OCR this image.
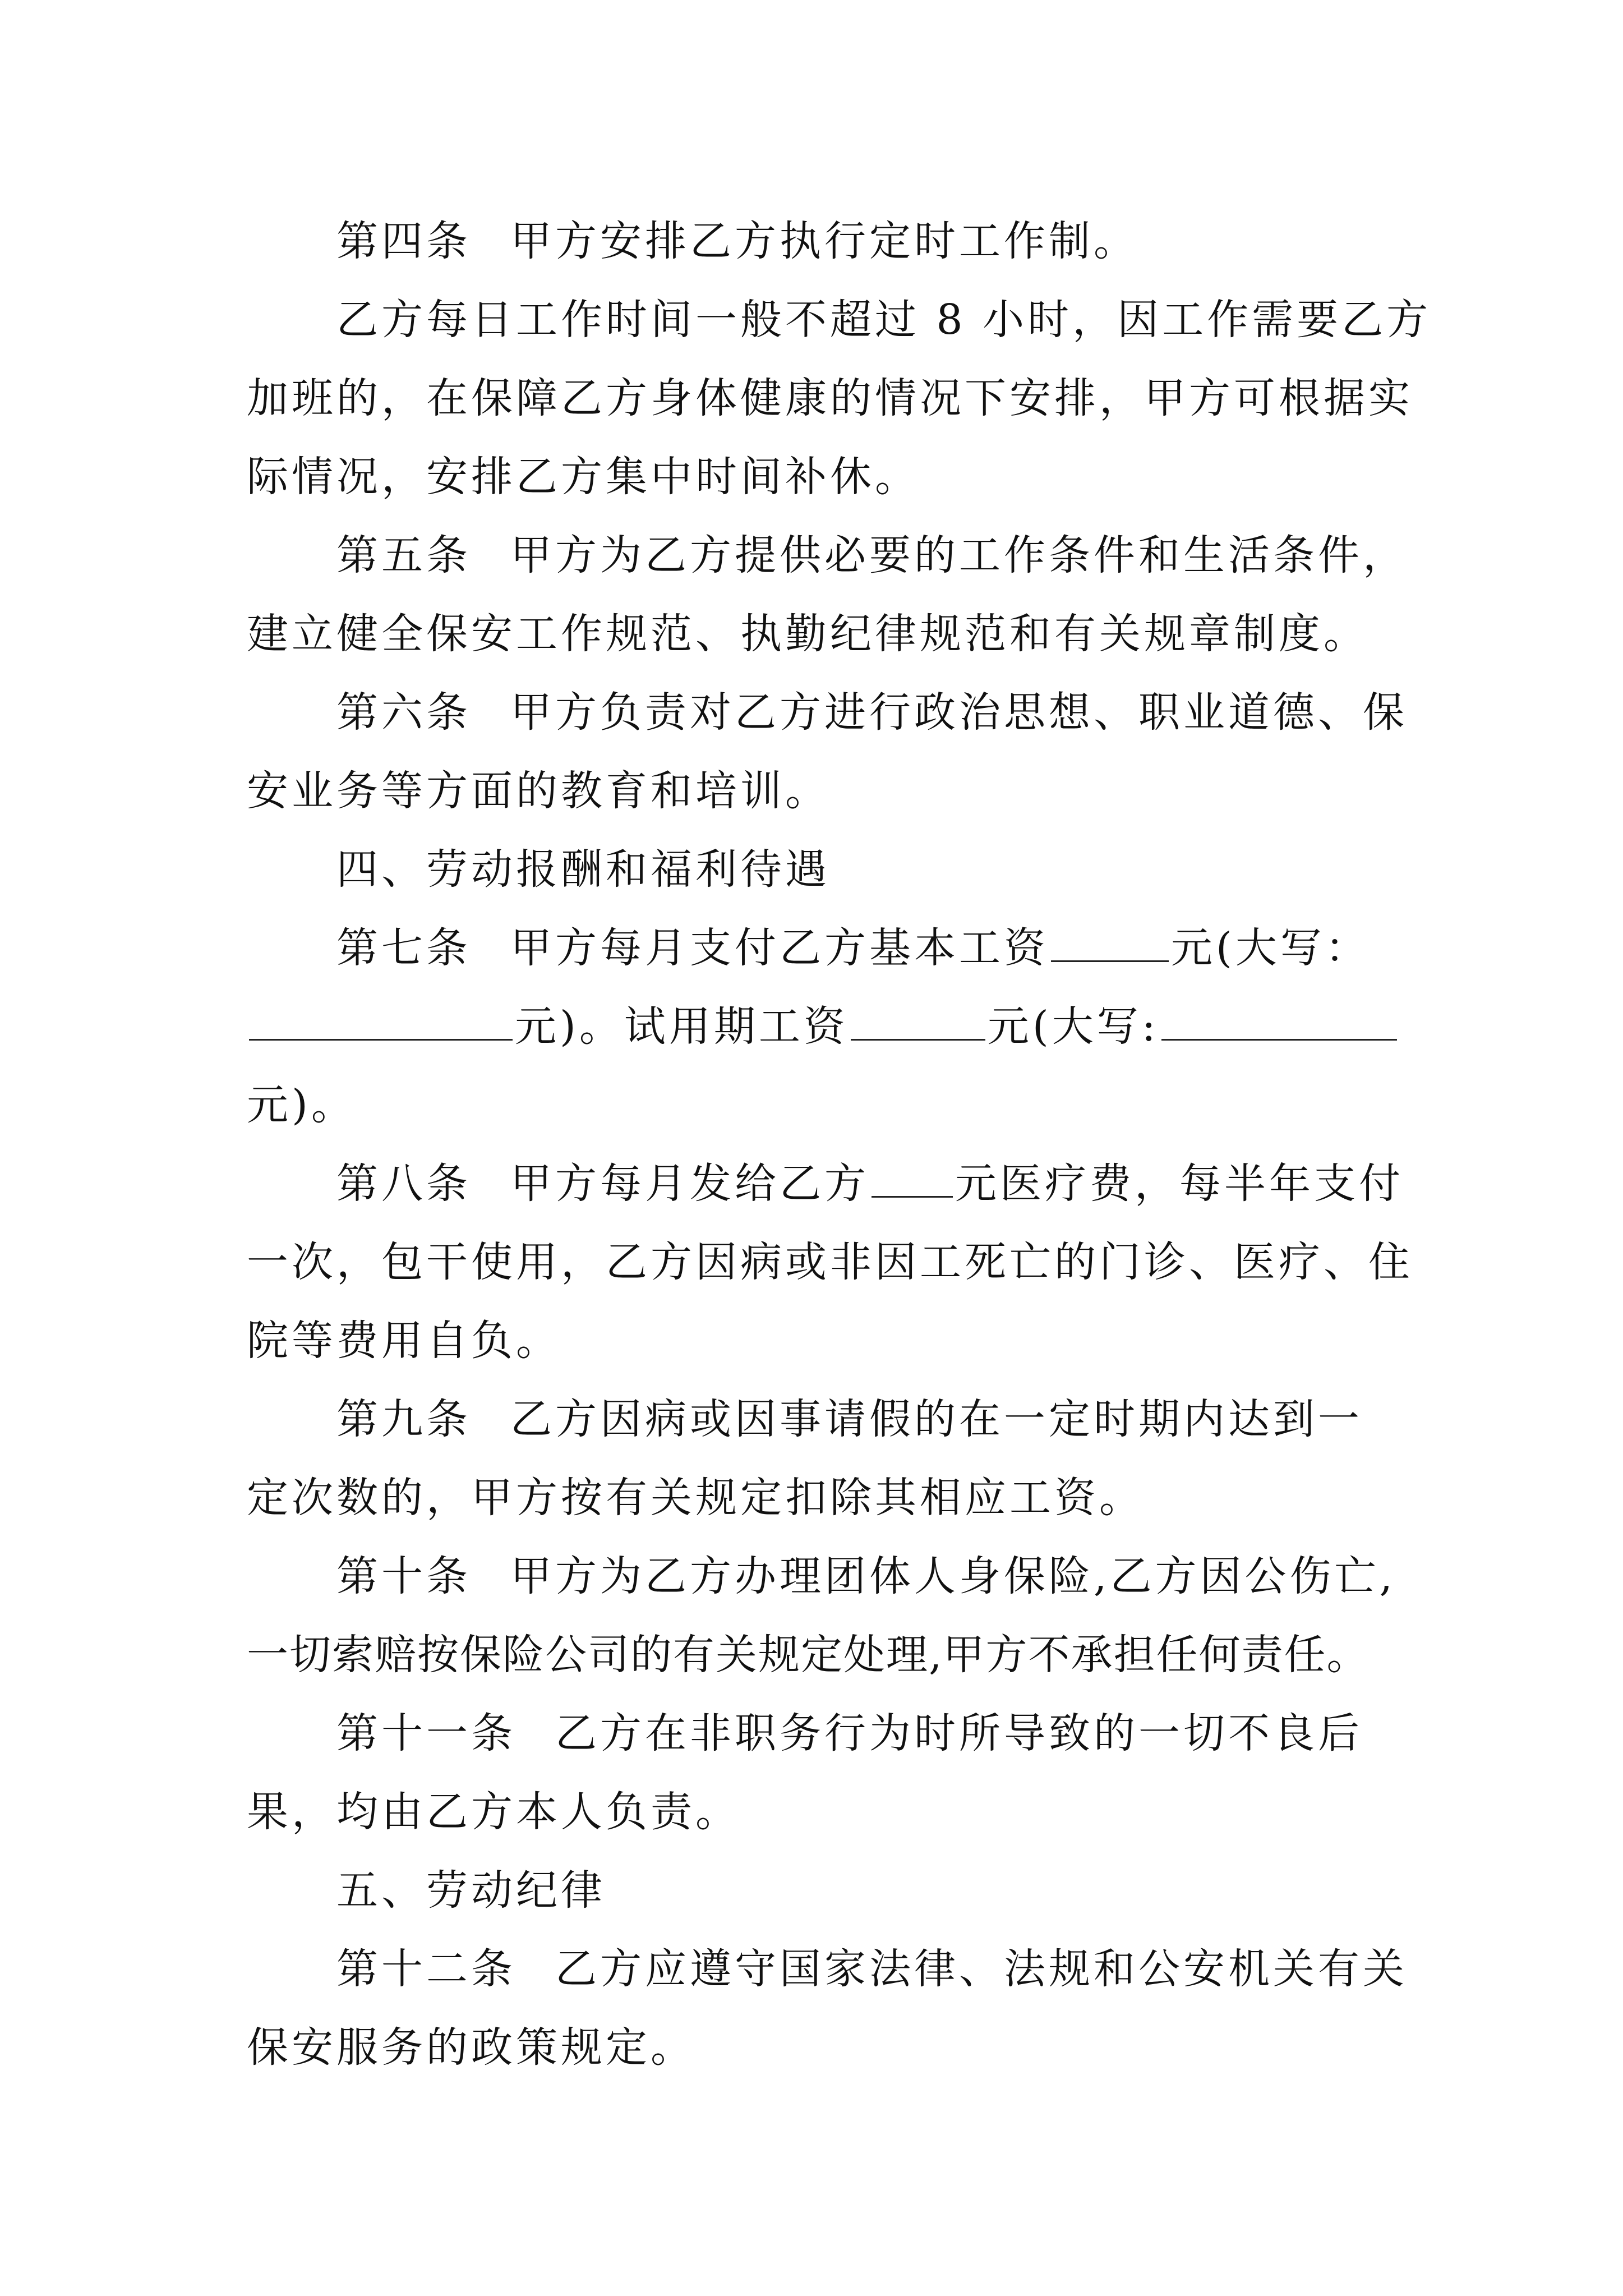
第四条 甲方安排乙方执行定时工作制。
乙方每日工作时间一般不超过 8 小时，因工作需要乙方
加班的，在保障乙方身体健康的情况下安排，甲方可根据实
际情况，安排乙方集中时间补休。
第五条 甲方为乙方提供必要的工作条件和生活条件，
建立健全保安工作规范、执勤纪律规范和有关规章制度。
第六条 甲方负责对乙方进行政治思想、职业道德、保
安业务等方面的教育和培训。
四、劳动报酬和福利待遇
第七条 甲方每月支付乙方基本工资	元(大写：
元)。试用期工资	元(大写:
元)。
第八条 甲方每月发给乙方 元医疗费，每半年支付
一次，包干使用，乙方因病或非因工死亡的门诊、医疗、住
院等费用自负。
第九条 乙方因病或因事请假的在一定时期内达到一
定次数的，甲方按有关规定扣除其相应工资。
第十条 甲方为乙方办理团体人身保险,乙方因公伤亡,
一切索赔按保险公司的有关规定处理,甲方不承担任何责任。
第十一条 乙方在非职务行为时所导致的一切不良后
果，均由乙方本人负责。
五、劳动纪律
第十二条 乙方应遵守国家法律、法规和公安机关有关
保安服务的政策规定。
